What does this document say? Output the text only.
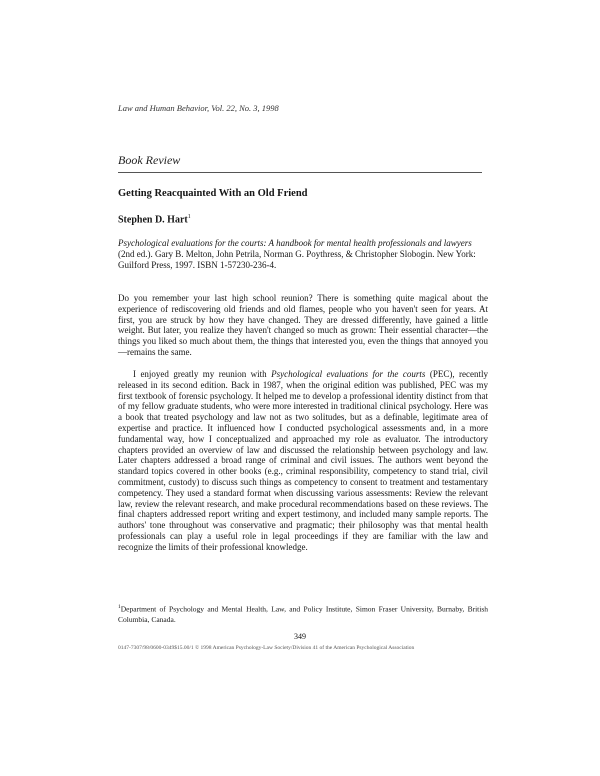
Law and Human Behavior, Vol. 22, No. 3, 1998
Book Review
Getting Reacquainted With an Old Friend
Stephen D. Hart$^1$
Psychological evaluations for the courts: A handbook for mental health professionals and lawyers (2nd ed.). Gary B. Melton, John Petrila, Norman G. Poythress, & Christopher Slobogin. New York: Guilford Press, 1997. ISBN 1-57230-236-4.
Do you remember your last high school reunion? There is something quite magical about the experience of rediscovering old friends and old flames, people who you haven't seen for years. At first, you are struck by how they have changed. They are dressed differently, have gained a little weight. But later, you realize they haven't changed so much as grown: Their essential character—the things you liked so much about them, the things that interested you, even the things that annoyed you—remains the same.
I enjoyed greatly my reunion with Psychological evaluations for the courts (PEC), recently released in its second edition. Back in 1987, when the original edition was published, PEC was my first textbook of forensic psychology. It helped me to develop a professional identity distinct from that of my fellow graduate students, who were more interested in traditional clinical psychology. Here was a book that treated psychology and law not as two solitudes, but as a definable, legitimate area of expertise and practice. It influenced how I conducted psychological assessments and, in a more fundamental way, how I conceptualized and approached my role as evaluator. The introductory chapters provided an overview of law and discussed the relationship between psychology and law. Later chapters addressed a broad range of criminal and civil issues. The authors went beyond the standard topics covered in other books (e.g., criminal responsibility, competency to stand trial, civil commitment, custody) to discuss such things as competency to consent to treatment and testamentary competency. They used a standard format when discussing various assessments: Review the relevant law, review the relevant research, and make procedural recommendations based on these reviews. The final chapters addressed report writing and expert testimony, and included many sample reports. The authors' tone throughout was conservative and pragmatic; their philosophy was that mental health professionals can play a useful role in legal proceedings if they are familiar with the law and recognize the limits of their professional knowledge.
$^1$Department of Psychology and Mental Health, Law, and Policy Institute, Simon Fraser University, Burnaby, British Columbia, Canada.
349
0147-7307/98/0600-0349$15.00/1 © 1998 American Psychology-Law Society/Division 41 of the American Psychological Association
